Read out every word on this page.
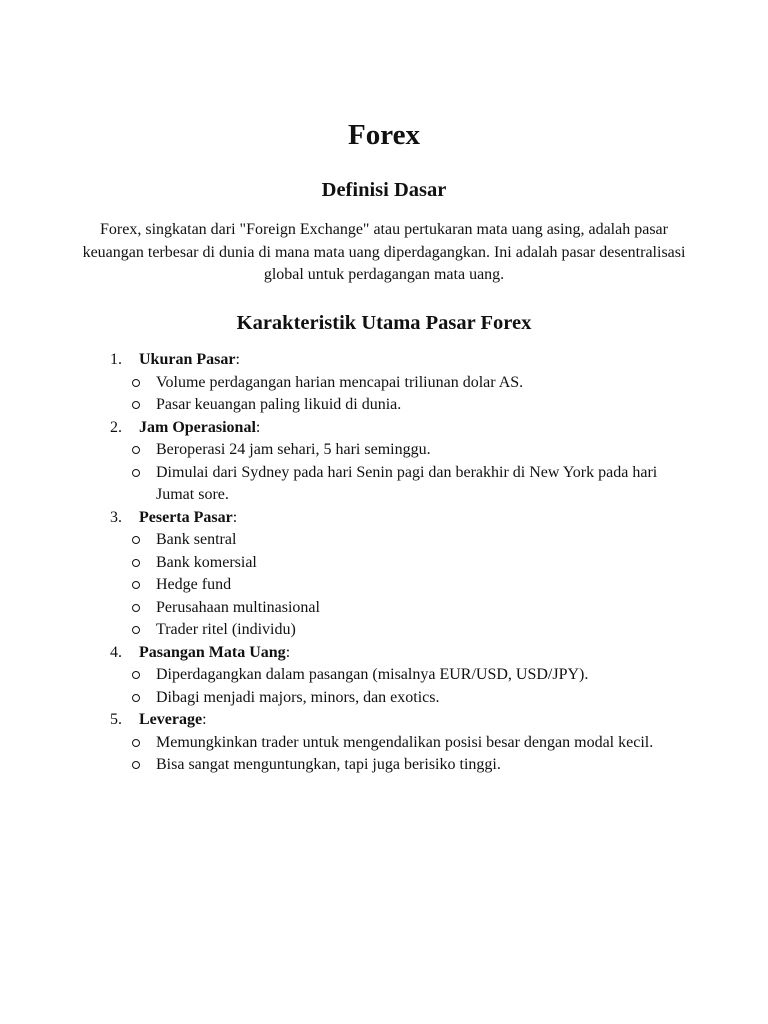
Forex
Definisi Dasar

Forex, singkatan dari "Foreign Exchange" atau pertukaran mata uang asing, adalah pasar keuangan terbesar di dunia di mana mata uang diperdagangkan. Ini adalah pasar desentralisasi global untuk perdagangan mata uang.

Karakteristik Utama Pasar Forex
1.	Ukuran Pasar:
Volume perdagangan harian mencapai triliunan dolar AS.
Pasar keuangan paling likuid di dunia.
2.	Jam Operasional:
Beroperasi 24 jam sehari, 5 hari seminggu.
Dimulai dari Sydney pada hari Senin pagi dan berakhir di New York pada hari Jumat sore.
3.	Peserta Pasar:
Bank sentral
Bank komersial
Hedge fund
Perusahaan multinasional
Trader ritel (individu)
4.	Pasangan Mata Uang:
Diperdagangkan dalam pasangan (misalnya EUR/USD, USD/JPY).
Dibagi menjadi majors, minors, dan exotics.
5.	Leverage:
Memungkinkan trader untuk mengendalikan posisi besar dengan modal kecil.
Bisa sangat menguntungkan, tapi juga berisiko tinggi.
